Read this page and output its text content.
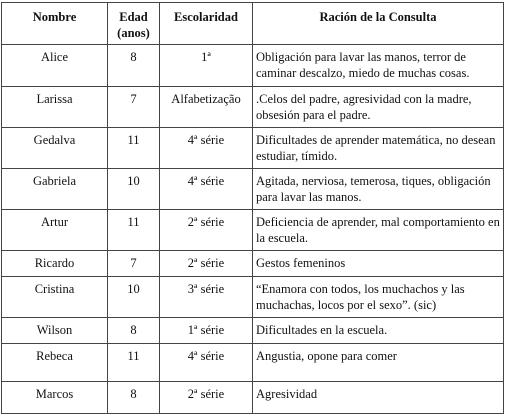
Nombre	Edad (anos)	Escolaridad	Ración de la Consulta
Alice	8	1ª	Obligación para lavar las manos, terror de caminar descalzo, miedo de muchas cosas.
Larissa	7	Alfabetização	.Celos del padre, agresividad con la madre, obsesión para el padre.
Gedalva	11	4ª série	Dificultades de aprender matemática, no desean estudiar, tímido.
Gabriela	10	4ª série	Agitada, nerviosa, temerosa, tiques, obligación para lavar las manos.
Artur	11	2ª série	Deficiencia de aprender, mal comportamiento en la escuela.
Ricardo	7	2ª série	Gestos femeninos
Cristina	10	3ª série	“Enamora con todos, los muchachos y las muchachas, locos por el sexo”. (sic)
Wilson	8	1ª série	Dificultades en la escuela.
Rebeca	11	4ª série	Angustia, opone para comer
Marcos	8	2ª série	Agresividad
